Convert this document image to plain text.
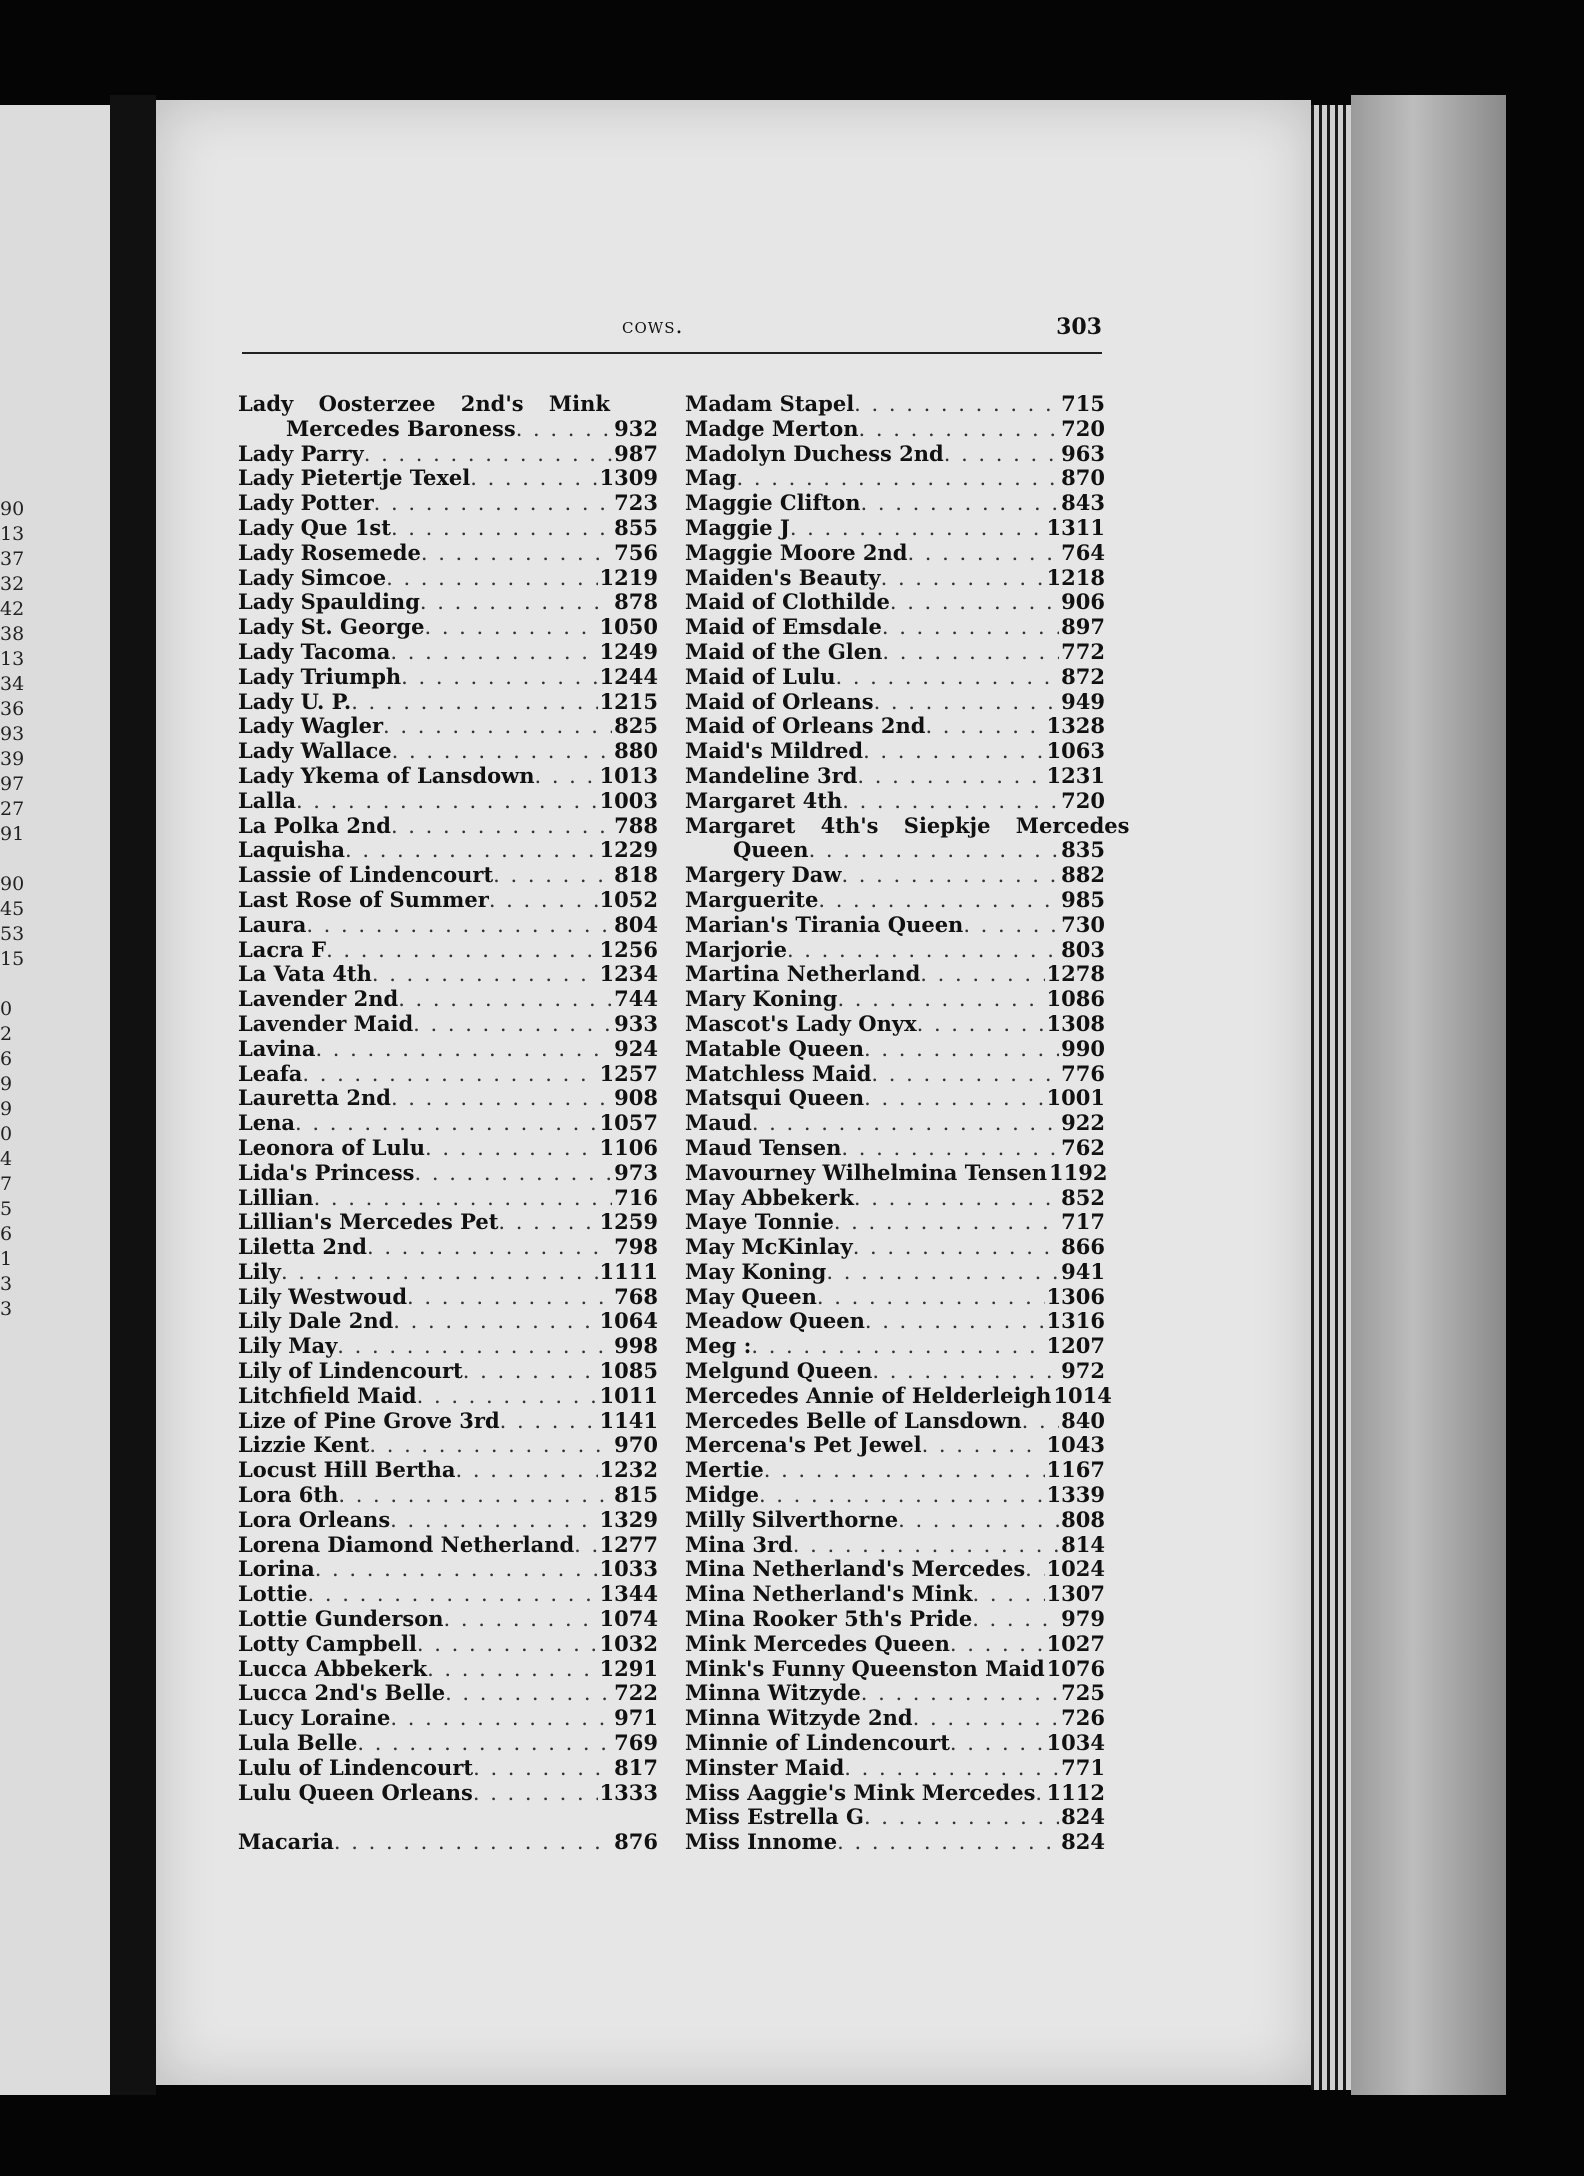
90
13
37
32
42
38
13
34
36
93
39
97
27
91
90
45
53
15
0
2
6
9
9
0
4
7
5
6
1
3
3
cows.	303
Lady Oosterzee 2nd's Mink
Mercedes Baroness . . .	932
Lady Parry . . .	987
Lady Pietertje Texel . . .	1309
Lady Potter . . .	723
Lady Que 1st . . .	855
Lady Rosemede . . .	756
Lady Simcoe . . .	1219
Lady Spaulding . . .	878
Lady St. George . . .	1050
Lady Tacoma . . .	1249
Lady Triumph . . .	1244
Lady U. P. . . .	1215
Lady Wagler . . .	825
Lady Wallace . . .	880
Lady Ykema of Lansdown . . .	1013
Lalla . . .	1003
La Polka 2nd . . .	788
Laquisha . . .	1229
Lassie of Lindencourt . . .	818
Last Rose of Summer . . .	1052
Laura . . .	804
Lacra F . . .	1256
La Vata 4th . . .	1234
Lavender 2nd . . .	744
Lavender Maid . . .	933
Lavina . . .	924
Leafa . . .	1257
Lauretta 2nd . . .	908
Lena . . .	1057
Leonora of Lulu . . .	1106
Lida's Princess . . .	973
Lillian . . .	716
Lillian's Mercedes Pet . . .	1259
Liletta 2nd . . .	798
Lily . . .	1111
Lily Westwoud . . .	768
Lily Dale 2nd . . .	1064
Lily May . . .	998
Lily of Lindencourt . . .	1085
Litchfield Maid . . .	1011
Lize of Pine Grove 3rd . . .	1141
Lizzie Kent . . .	970
Locust Hill Bertha . . .	1232
Lora 6th . . .	815
Lora Orleans . . .	1329
Lorena Diamond Netherland . . . 1277
Lorina . . .	1033
Lottie . . .	1344
Lottie Gunderson . . .	1074
Lotty Campbell . . .	1032
Lucca Abbekerk . . .	1291
Lucca 2nd's Belle . . .	722
Lucy Loraine . . .	971
Lula Belle . . .	769
Lulu of Lindencourt . . .	817
Lulu Queen Orleans . . .	1333
Macaria . . .	876
Madam Stapel . . .	715
Madge Merton . . .	720
Madolyn Duchess 2nd . . .	963
Mag . . .	870
Maggie Clifton . . .	843
Maggie J . . .	1311
Maggie Moore 2nd . . .	764
Maiden's Beauty . . .	1218
Maid of Clothilde . . .	906
Maid of Emsdale . . .	897
Maid of the Glen . . .	772
Maid of Lulu . . .	872
Maid of Orleans . . .	949
Maid of Orleans 2nd . . .	1328
Maid's Mildred . . .	1063
Mandeline 3rd . . .	1231
Margaret 4th . . .	720
Margaret 4th's Siepkje Mercedes
Queen . . .	835
Margery Daw . . .	882
Marguerite . . .	985
Marian's Tirania Queen . . .	730
Marjorie . . .	803
Martina Netherland . . .	1278
Mary Koning . . .	1086
Mascot's Lady Onyx . . .	1308
Matable Queen . . .	990
Matchless Maid . . .	776
Matsqui Queen . . .	1001
Maud . . .	922
Maud Tensen . . .	762
Mavourney Wilhelmina Tensen 1192
May Abbekerk . . .	852
Maye Tonnie . . .	717
May McKinlay . . .	866
May Koning . . .	941
May Queen . . .	1306
Meadow Queen . . .	1316
Meg : . . .	1207
Melgund Queen . . .	972
Mercedes Annie of Helderleigh 1014
Mercedes Belle of Lansdown . . . 840
Mercena's Pet Jewel . . .	1043
Mertie . . .	1167
Midge . . .	1339
Milly Silverthorne . . .	808
Mina 3rd . . .	814
Mina Netherland's Mercedes . . . 1024
Mina Netherland's Mink . . .	1307
Mina Rooker 5th's Pride . . .	979
Mink Mercedes Queen . . .	1027
Mink's Funny Queenston Maid 1076
Minna Witzyde . . .	725
Minna Witzyde 2nd . . .	726
Minnie of Lindencourt . . .	1034
Minster Maid . . .	771
Miss Aaggie's Mink Mercedes . . . 1112
Miss Estrella G . . .	824
Miss Innome . . .	824
